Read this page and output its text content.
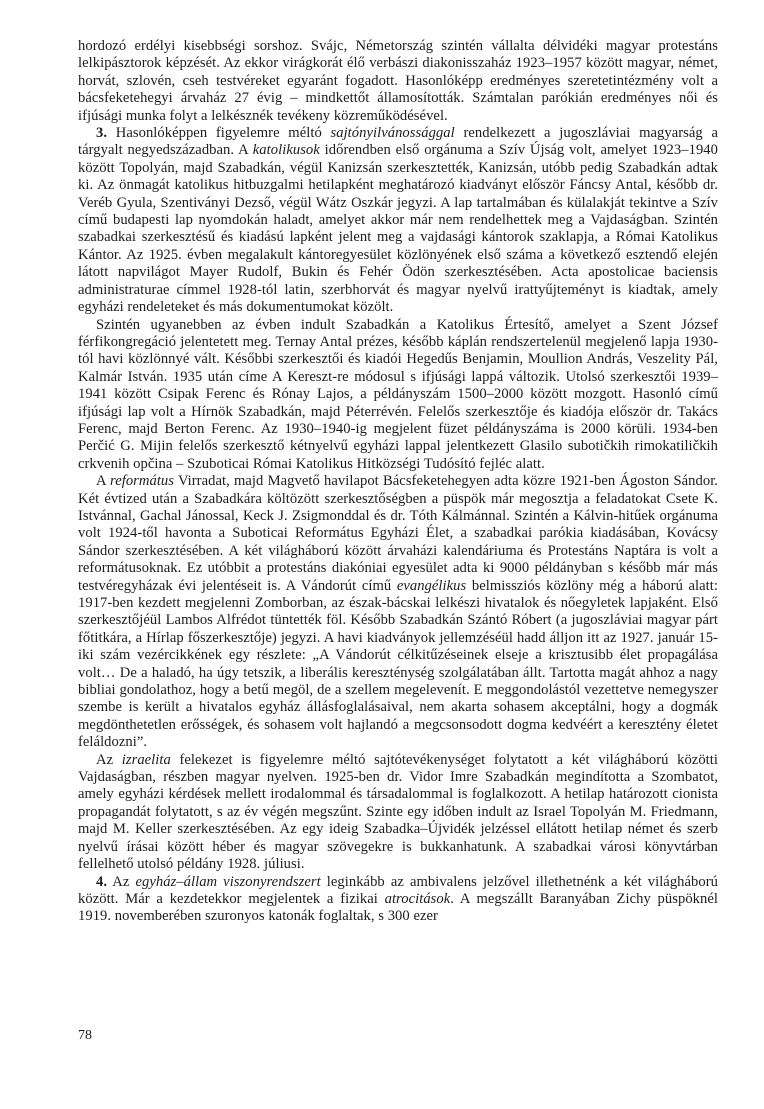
hordozó erdélyi kisebbségi sorshoz. Svájc, Németország szintén vállalta délvidéki magyar protestáns lelkipásztorok képzését. Az ekkor virágkorát élő verbászi diakonisszaház 1923–1957 között magyar, német, horvát, szlovén, cseh testvéreket egyaránt fogadott. Hasonlóképp eredményes szeretetintézmény volt a bácsfeketehegyi árvaház 27 évig – mindkettőt államosították. Számtalan parókián eredményes női és ifjúsági munka folyt a lelkésznék tevékeny közreműködésével.

3. Hasonlóképpen figyelemre méltó sajtónyilvánossággal rendelkezett a jugoszláviai magyarság a tárgyalt negyedszázadban. A katolikusok időrendben első orgánuma a Szív Újság volt, amelyet 1923–1940 között Topolyán, majd Szabadkán, végül Kanizsán szerkesztették, Kanizsán, utóbb pedig Szabadkán adtak ki. Az önmagát katolikus hitbuzgalmi hetilapként meghatározó kiadványt először Fáncsy Antal, később dr. Veréb Gyula, Szentiványi Dezső, végül Wátz Oszkár jegyzi. A lap tartalmában és külalakját tekintve a Szív című budapesti lap nyomdokán haladt, amelyet akkor már nem rendelhettek meg a Vajdaságban. Szintén szabadkai szerkesztésű és kiadású lapként jelent meg a vajdasági kántorok szaklapja, a Római Katolikus Kántor. Az 1925. évben megalakult kántoregyesület közlönyének első száma a következő esztendő elején látott napvilágot Mayer Rudolf, Bukin és Fehér Ödön szerkesztésében. Acta apostolicae baciensis administraturae címmel 1928-tól latin, szerbhorvát és magyar nyelvű irattyűjteményt is kiadtak, amely egyházi rendeleteket és más dokumentumokat közölt.

Szintén ugyanebben az évben indult Szabadkán a Katolikus Értesítő, amelyet a Szent József férfikongregáció jelentetett meg. Ternay Antal prézes, később káplán rendszertelenül megjelenő lapja 1930-tól havi közlönnyé vált. Későbbi szerkesztői és kiadói Hegedűs Benjamin, Moullion András, Veszelity Pál, Kalmár István. 1935 után címe A Kereszt-re módosul s ifjúsági lappá változik. Utolsó szerkesztői 1939–1941 között Csipak Ferenc és Rónay Lajos, a példányszám 1500–2000 között mozgott. Hasonló című ifjúsági lap volt a Hírnök Szabadkán, majd Péterrévén. Felelős szerkesztője és kiadója először dr. Takács Ferenc, majd Berton Ferenc. Az 1930–1940-ig megjelent füzet példányszáma is 2000 körüli. 1934-ben Perčić G. Mijin felelős szerkesztő kétnyelvű egyházi lappal jelentkezett Glasilo subotičkih rimokatiličkih crkvenih opčina – Szuboticai Római Katolikus Hitközségi Tudósító fejléc alatt.

A református Virradat, majd Magvető havilapot Bácsfeketehegyen adta közre 1921-ben Ágoston Sándor. Két évtized után a Szabadkára költözött szerkesztőségben a püspök már megosztja a feladatokat Csete K. Istvánnal, Gachal Jánossal, Keck J. Zsigmonddal és dr. Tóth Kálmánnal. Szintén a Kálvin-hitűek orgánuma volt 1924-től havonta a Suboticai Református Egyházi Élet, a szabadkai parókia kiadásában, Kovácsy Sándor szerkesztésében. A két világháború között árvaházi kalendáriuma és Protestáns Naptára is volt a reformátusoknak. Ez utóbbit a protestáns diakóniai egyesület adta ki 9000 példányban s később már más testvéregyházak évi jelentéseit is. A Vándorút című evangélikus belmissziós közlöny még a háború alatt: 1917-ben kezdett megjelenni Zomborban, az észak-bácskai lelkészi hivatalok és nőegyletek lapjaként. Első szerkesztőjéül Lambos Alfrédot tüntették föl. Később Szabadkán Szántó Róbert (a jugoszláviai magyar párt főtitkára, a Hírlap főszerkesztője) jegyzi. A havi kiadványok jellemzéséül hadd álljon itt az 1927. január 15-iki szám vezércikkének egy részlete: „A Vándorút célkitűzéseinek elseje a krisztusibb élet propagálása volt… De a haladó, ha úgy tetszik, a liberális kereszténység szolgálatában állt. Tartotta magát ahhoz a nagy bibliai gondolathoz, hogy a betű megöl, de a szellem megelevenít. E meggondolástól vezettetve nemegyszer szembe is került a hivatalos egyház állásfoglalásaival, nem akarta sohasem akceptálni, hogy a dogmák megdönthetetlen erősségek, és sohasem volt hajlandó a megcsonsodott dogma kedvéért a keresztény életet feláldozni”.

Az izraelita felekezet is figyelemre méltó sajtótevékenységet folytatott a két világháború közötti Vajdaságban, részben magyar nyelven. 1925-ben dr. Vidor Imre Szabadkán megindította a Szombatot, amely egyházi kérdések mellett irodalommal és társadalommal is foglalkozott. A hetilap határozott cionista propagandát folytatott, s az év végén megszűnt. Szinte egy időben indult az Israel Topolyán M. Friedmann, majd M. Keller szerkesztésében. Az egy ideig Szabadka–Újvidék jelzéssel ellátott hetilap német és szerb nyelvű írásai között héber és magyar szövegekre is bukkanhatunk. A szabadkai városi könyvtárban fellelhető utolsó példány 1928. júliusi.

4. Az egyház–állam viszonyrendszert leginkább az ambivalens jelzővel illethetnénk a két világháború között. Már a kezdetekkor megjelentek a fizikai atrocitások. A megszállt Baranyában Zichy püspöknél 1919. novemberében szuronyos katonák foglaltak, s 300 ezer

78
